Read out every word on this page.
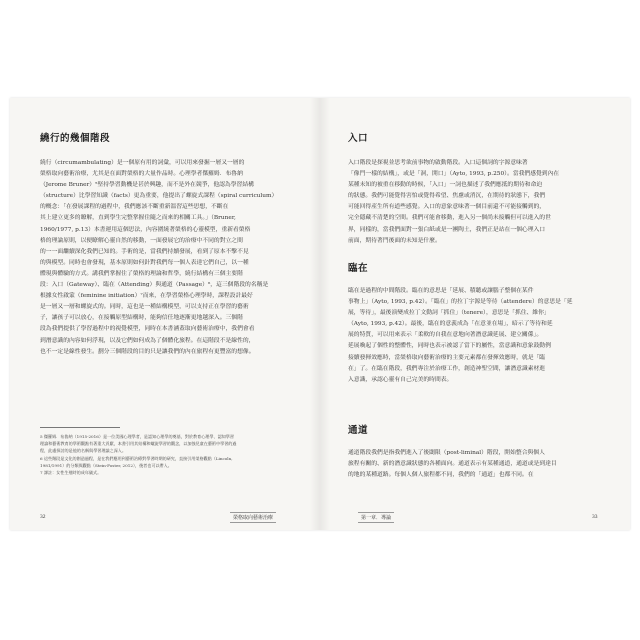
繞行的幾個階段

繞行（circumambulating）是一個原有用的詞彙，可以用來發掘一層又一層的
榮格取向藝術治療，尤其是在面對榮格的大量作品時。心理學者傑羅姆．布魯納
（Jerome Bruner）⁵堅持學習動機是甚於興趣，而不是外在競爭，他認為學習結構
（structure）比學習知識（facts）更為重要，他提出了螺旋式課程（spiral curriculum）
的概念：「在發展課程的過程中，我們應該不斷重新溫習這些思想，不斷在
其上建立更多的瞭解，直到學生完整掌握住隨之而來的相關工具。」（Bruner,
1960/1977, p.13）本書運用這個思法，內容圍繞著榮格的心靈模型，重新看榮格
格的理論原則，以便瞭解心靈自然的移動，一面發展它的治療中不同的對立之間
的一一面繼續深化我們已知的。手術的是，當我們持續發展，看到了原本不擊不見
的與模型。同時也會發現，基本原則如何針對我們每一個人表達它們自己，以一種
體現與體驗的方式。講我們掌握住了榮格的理論和哲學，繞行結構有三個主要階
段：入口（Gateway）、臨在（Attending）與通道（Passage）⁶，這三個階段的名稱是
根據女性啟蒙（feminine initiation）⁷而來，在學習榮格心理學時，課程設計最好
是一層又一層和螺旋式的。同時，這也是一種結構模型，可以支持正在學習的藝術
子，讓孩子可以放心，在接觸原型結構時，能夠信任地逐漸更地越深入。三個階
段為我們提供了學習過程中的視覺模型，同時在本書涵蓋取向藝術治療中，我們會看
到潛意識的內容如何浮現，以及它們如何成為了個體化旅程。在這階段不是線性的，
也不一定是線性發生。劃分三個階段的目的只是讓我們的內在旅程有更豐富的想像。

5 傑羅姆．布魯納（1915-2016）是一位美國心理學者，是認知心理學的奠基，對於教育心理學、認知學習
理論和藝術教育的學術觀點有著重大貢獻，本書引用其結構和螺旋學習的觀念，以加強兒童在藝術中學習的過
程，此處探討的是他的名稱與學習理論之深入。
6 這些階段是文化的創造過程，是在我們應用到藝術治療對學習時期的研究，直接引用榮格觀點（Lincoln,
1981/1991）的分類與觀點（Stein-Foster, 2012），後者也可以帶入。
7 譯註：女性生殖時的成年儀式。
32	榮格取向藝術治療
入口

入口階段是探視並思考欲前事物的啟動階段。入口這個詞的字源意味著
「像門一樣的結構」，或是「洞，開口」（Ayto, 1993, p.250）。當我們感覺到內在
某種未知的被重在移動的時候，「入口」一詞也描述了我們應抵的期待和命迫
的狀態。我們可能覺得害怕或覺得希望、焦慮或消沉，在期待的狀態下，我們
可能回得產生所有道些感覺。入口的意象意味著一個目前還不可能接觸到的，
完全隱藏不清楚的空間。我們可能會移動，進入另一個尚未接觸但可以進入的世
界，同樣的，當我們面對一張白紙或是一團陶土，我們正是站在一個心理入口
前面，期待著門後面的未知是什麼。

臨在

臨在是過程的中間階段。臨在的意思是「延展、積聽或讓腦子整個在某件
事物上」（Ayto, 1993, p.42）。「臨在」的拉丁字源是等待（attendere）的意思是「延
展，等待」，最後演變成拉丁文動詞「抓住」（tenere），意思是「抓住、維你」
（Ayto, 1993, p.42）。最後，臨在的意義成為「在意並在場」，暗示了等待和延
展的特質，可以用來表示「柔軟的自我在意地向著潛意識延展、建立關係」。
延展喚起了個性的整體性，同時也表示被認了當下的屬性，當意識和意象鼓動例
接續發揮效應時，當榮格取向藝術治療的主要元素都在發揮效應時，就是「臨
在」了。在臨在階段，我們專注於治療工作，創造神聖空間，讓潛意識素材進
入意識，承認心靈有自己完美的時間表。

通道

通道階段我們是指我們進入了後閾限（post-liminal）階段，開始整合與個人
旅程有關的、新的潛意識狀態的各種面向。通道表示有某種通道，通道或是到達目
的地的某種道路。每個人個人旅程都不同，我們的「通道」也都不同。在

第一章．導論	33
